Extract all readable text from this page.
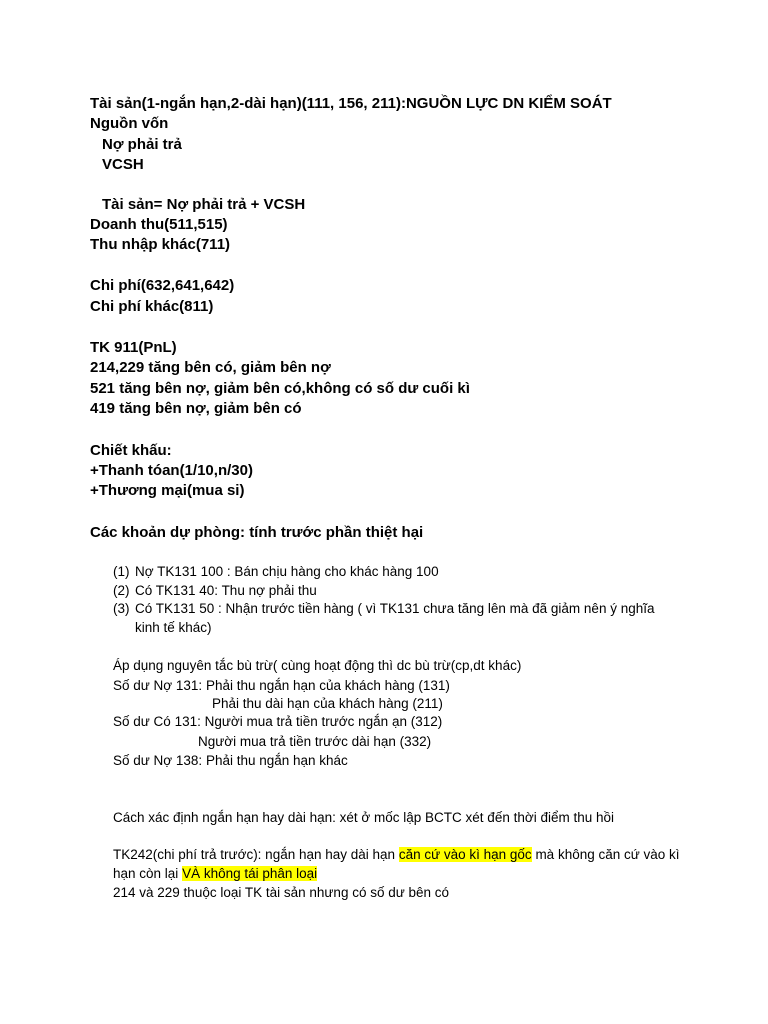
Tài sản(1-ngắn hạn,2-dài hạn)(111, 156, 211):NGUỒN LỰC DN KIỂM SOÁT
Nguồn vốn
Nợ phải trả
VCSH
Tài sản= Nợ phải trả + VCSH
Doanh thu(511,515)
Thu nhập khác(711)
Chi phí(632,641,642)
Chi phí khác(811)
TK 911(PnL)
214,229 tăng bên có, giảm bên nợ
521 tăng bên nợ, giảm bên có,không có số dư cuối kì
419 tăng bên nợ, giảm bên có
Chiết khấu:
+Thanh tóan(1/10,n/30)
+Thương mại(mua si)
Các khoản dự phòng: tính trước phần thiệt hại
(1) Nợ TK131 100 : Bán chịu hàng cho khác hàng 100
(2) Có TK131 40: Thu nợ phải thu
(3) Có TK131 50 : Nhận trước tiền hàng ( vì TK131 chưa tăng lên mà đã giảm nên ý nghĩa
kinh tế khác)
Áp dụng nguyên tắc bù trừ( cùng hoạt động thì dc bù trừ(cp,dt khác)
Số dư Nợ 131: Phải thu ngắn hạn của khách hàng (131)
Phải thu dài hạn của khách hàng (211)
Số dư Có 131: Người mua trả tiền trước ngắn ạn (312)
Người mua trả tiền trước dài hạn (332)
Số dư Nợ 138: Phải thu ngắn hạn khác
Cách xác định ngắn hạn hay dài hạn: xét ở mốc lập BCTC xét đến thời điểm thu hồi
TK242(chi phí trả trước): ngắn hạn hay dài hạn căn cứ vào kì hạn gốc mà không căn cứ vào kì
hạn còn lại VÀ không tái phân loại
214 và 229 thuộc loại TK tài sản nhưng có số dư bên có
